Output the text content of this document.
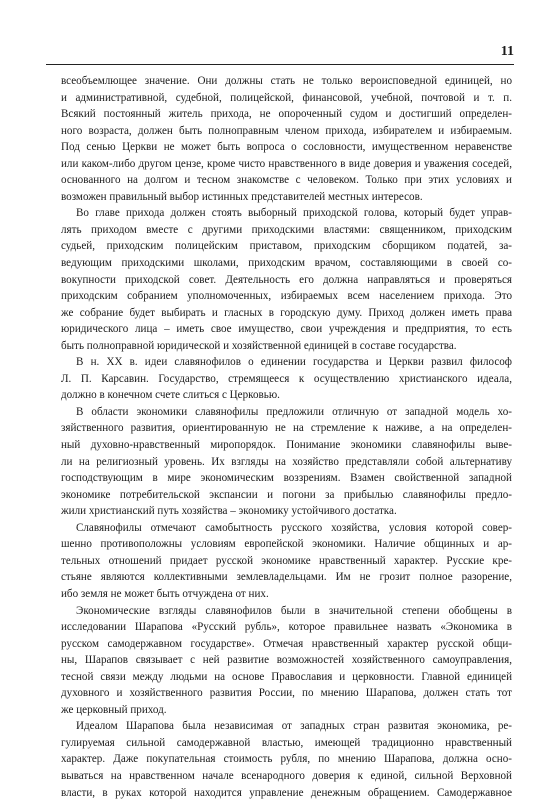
11
всеобъемлющее значение. Они должны стать не только вероисповедной единицей, но
и административной, судебной, полицейской, финансовой, учебной, почтовой и т. п.
Всякий постоянный житель прихода, не опороченный судом и достигший определен-
ного возраста, должен быть полноправным членом прихода, избирателем и избираемым.
Под сенью Церкви не может быть вопроса о сословности, имущественном неравенстве
или каком-либо другом цензе, кроме чисто нравственного в виде доверия и уважения соседей,
основанного на долгом и тесном знакомстве с человеком. Только при этих условиях и
возможен правильный выбор истинных представителей местных интересов.
Во главе прихода должен стоять выборный приходской голова, который будет управ-
лять приходом вместе с другими приходскими властями: священником, приходским
судьей, приходским полицейским приставом, приходским сборщиком податей, за-
ведующим приходскими школами, приходским врачом, составляющими в своей со-
вокупности приходской совет. Деятельность его должна направляться и проверяться
приходским собранием уполномоченных, избираемых всем населением прихода. Это
же собрание будет выбирать и гласных в городскую думу. Приход должен иметь права
юридического лица – иметь свое имущество, свои учреждения и предприятия, то есть
быть полноправной юридической и хозяйственной единицей в составе государства.
В н. XX в. идеи славянофилов о единении государства и Церкви развил философ
Л. П. Карсавин. Государство, стремящееся к осуществлению христианского идеала,
должно в конечном счете слиться с Церковью.
В области экономики славянофилы предложили отличную от западной модель хо-
зяйственного развития, ориентированную не на стремление к наживе, а на определен-
ный духовно-нравственный миропорядок. Понимание экономики славянофилы выве-
ли на религиозный уровень. Их взгляды на хозяйство представляли собой альтернативу
господствующим в мире экономическим воззрениям. Взамен свойственной западной
экономике потребительской экспансии и погони за прибылью славянофилы предло-
жили христианский путь хозяйства – экономику устойчивого достатка.
Славянофилы отмечают самобытность русского хозяйства, условия которой совер-
шенно противоположны условиям европейской экономики. Наличие общинных и ар-
тельных отношений придает русской экономике нравственный характер. Русские кре-
стьяне являются коллективными землевладельцами. Им не грозит полное разорение,
ибо земля не может быть отчуждена от них.
Экономические взгляды славянофилов были в значительной степени обобщены в
исследовании Шарапова «Русский рубль», которое правильнее назвать «Экономика в
русском самодержавном государстве». Отмечая нравственный характер русской общи-
ны, Шарапов связывает с ней развитие возможностей хозяйственного самоуправления,
тесной связи между людьми на основе Православия и церковности. Главной единицей
духовного и хозяйственного развития России, по мнению Шарапова, должен стать тот
же церковный приход.
Идеалом Шарапова была независимая от западных стран развитая экономика, ре-
гулируемая сильной самодержавной властью, имеющей традиционно нравственный
характер. Даже покупательная стоимость рубля, по мнению Шарапова, должна осно-
вываться на нравственном начале всенародного доверия к единой, сильной Верховной
власти, в руках которой находится управление денежным обращением. Самодержавное
